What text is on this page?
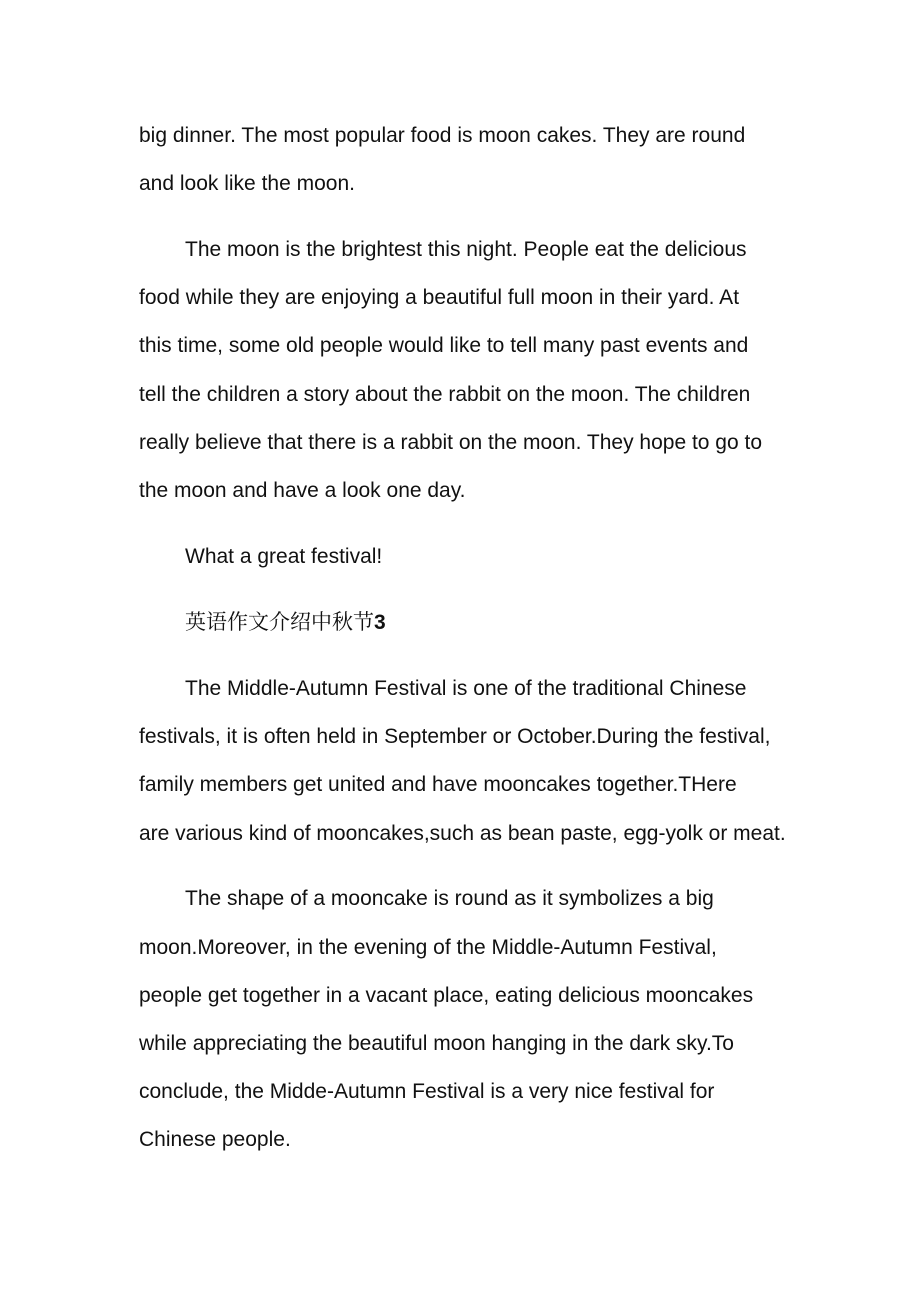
big dinner. The most popular food is moon cakes. They are round
and look like the moon.

The moon is the brightest this night. People eat the delicious
food while they are enjoying a beautiful full moon in their yard. At
this time, some old people would like to tell many past events and
tell the children a story about the rabbit on the moon. The children
really believe that there is a rabbit on the moon. They hope to go to
the moon and have a look one day.

What a great festival!

英语作文介绍中秋节3

The Middle-Autumn Festival is one of the traditional Chinese
festivals, it is often held in September or October.During the festival,
family members get united and have mooncakes together.THere
are various kind of mooncakes,such as bean paste, egg-yolk or meat.

The shape of a mooncake is round as it symbolizes a big
moon.Moreover, in the evening of the Middle-Autumn Festival,
people get together in a vacant place, eating delicious mooncakes
while appreciating the beautiful moon hanging in the dark sky.To
conclude, the Midde-Autumn Festival is a very nice festival for
Chinese people.
